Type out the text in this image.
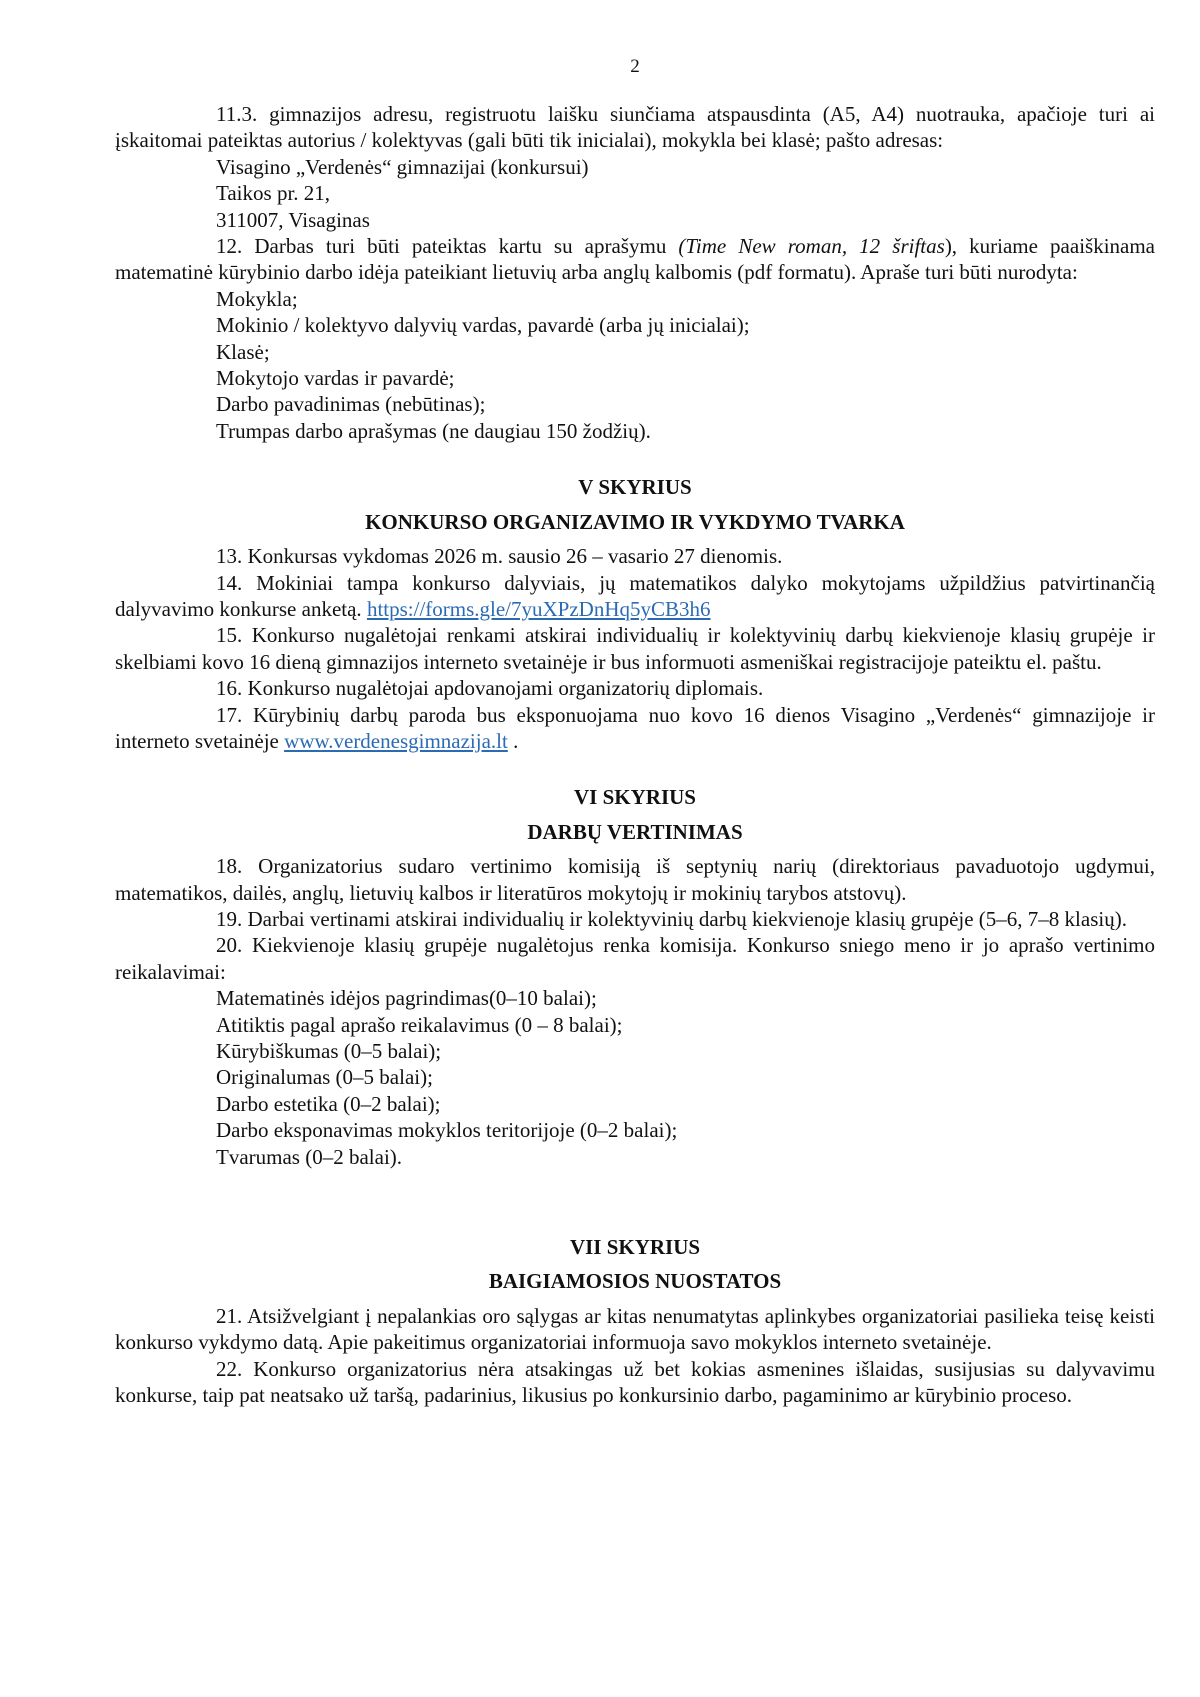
2

11.3. gimnazijos adresu, registruotu laišku siunčiama atspausdinta (A5, A4) nuotrauka, apačioje turi ai įskaitomai pateiktas autorius / kolektyvas (gali būti tik inicialai), mokykla bei klasė; pašto adresas:

Visagino „Verdenės“ gimnazijai (konkursui)
Taikos pr. 21,
311007, Visaginas

12. Darbas turi būti pateiktas kartu su aprašymu (Time New roman, 12 šriftas), kuriame paaiškinama matematinė kūrybinio darbo idėja pateikiant lietuvių arba anglų kalbomis (pdf formatu). Apraše turi būti nurodyta:

Mokykla;
Mokinio / kolektyvo dalyvių vardas, pavardė (arba jų inicialai);
Klasė;
Mokytojo vardas ir pavardė;
Darbo pavadinimas (nebūtinas);
Trumpas darbo aprašymas (ne daugiau 150 žodžių).
V SKYRIUS
KONKURSO ORGANIZAVIMO IR VYKDYMO TVARKA

13. Konkursas vykdomas 2026 m. sausio 26 – vasario 27 dienomis.

14. Mokiniai tampa konkurso dalyviais, jų matematikos dalyko mokytojams užpildžius patvirtinančią dalyvavimo konkurse anketą. https://forms.gle/7yuXPzDnHq5yCB3h6

15. Konkurso nugalėtojai renkami atskirai individualių ir kolektyvinių darbų kiekvienoje klasių grupėje ir skelbiami kovo 16 dieną gimnazijos interneto svetainėje ir bus informuoti asmeniškai registracijoje pateiktu el. paštu.

16. Konkurso nugalėtojai apdovanojami organizatorių diplomais.

17. Kūrybinių darbų paroda bus eksponuojama nuo kovo 16 dienos Visagino „Verdenės“ gimnazijoje ir interneto svetainėje www.verdenesgimnazija.lt .

VI SKYRIUS
DARBŲ VERTINIMAS

18. Organizatorius sudaro vertinimo komisiją iš septynių narių (direktoriaus pavaduotojo ugdymui, matematikos, dailės, anglų, lietuvių kalbos ir literatūros mokytojų ir mokinių tarybos atstovų).

19. Darbai vertinami atskirai individualių ir kolektyvinių darbų kiekvienoje klasių grupėje (5–6, 7–8 klasių).

20. Kiekvienoje klasių grupėje nugalėtojus renka komisija. Konkurso sniego meno ir jo aprašo vertinimo reikalavimai:

Matematinės idėjos pagrindimas(0–10 balai);
Atitiktis pagal aprašo reikalavimus (0 – 8 balai);
Kūrybiškumas (0–5 balai);
Originalumas (0–5 balai);
Darbo estetika (0–2 balai);
Darbo eksponavimas mokyklos teritorijoje (0–2 balai);
Tvarumas (0–2 balai).
VII SKYRIUS
BAIGIAMOSIOS NUOSTATOS

21. Atsižvelgiant į nepalankias oro sąlygas ar kitas nenumatytas aplinkybes organizatoriai pasilieka teisę keisti konkurso vykdymo datą. Apie pakeitimus organizatoriai informuoja savo mokyklos interneto svetainėje.

22. Konkurso organizatorius nėra atsakingas už bet kokias asmenines išlaidas, susijusias su dalyvavimu konkurse, taip pat neatsako už taršą, padarinius, likusius po konkursinio darbo, pagaminimo ar kūrybinio proceso.
